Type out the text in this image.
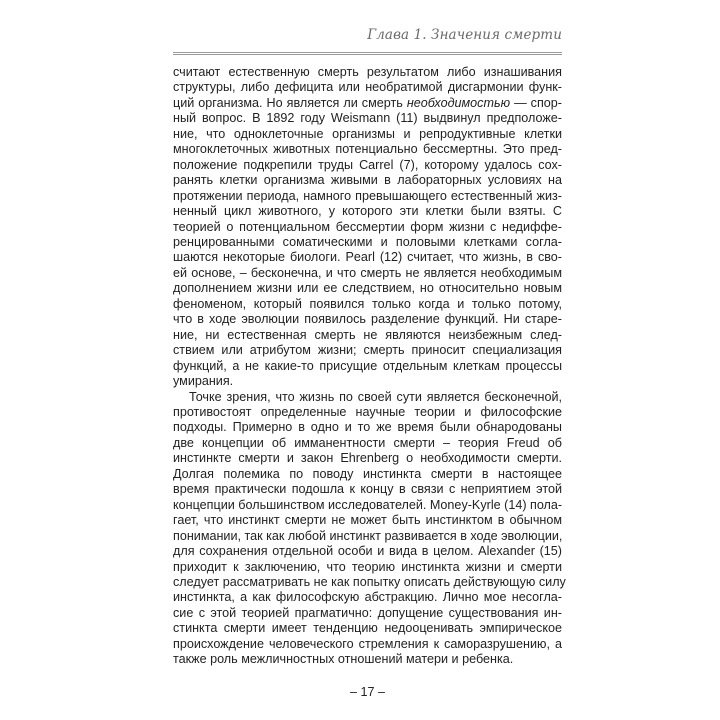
Глава 1. Значения смерти

считают естественную смерть результатом либо изнашивания
структуры, либо дефицита или необратимой дисгармонии функ-
ций организма. Но является ли смерть необходимостью — спор-
ный вопрос. В 1892 году Weismann (11) выдвинул предположе-
ние, что одноклеточные организмы и репродуктивные клетки
многоклеточных животных потенциально бессмертны. Это пред-
положение подкрепили труды Carrel (7), которому удалось сох-
ранять клетки организма живыми в лабораторных условиях на
протяжении периода, намного превышающего естественный жиз-
ненный цикл животного, у которого эти клетки были взяты. С
теорией о потенциальном бессмертии форм жизни с недиффе-
ренцированными соматическими и половыми клетками согла-
шаются некоторые биологи. Pearl (12) считает, что жизнь, в сво-
ей основе, – бесконечна, и что смерть не является необходимым
дополнением жизни или ее следствием, но относительно новым
феноменом, который появился только когда и только потому,
что в ходе эволюции появилось разделение функций. Ни старе-
ние, ни естественная смерть не являются неизбежным след-
ствием или атрибутом жизни; смерть приносит специализация
функций, а не какие-то присущие отдельным клеткам процессы
умирания.

Точке зрения, что жизнь по своей сути является бесконечной,
противостоят определенные научные теории и философские
подходы. Примерно в одно и то же время были обнародованы
две концепции об имманентности смерти – теория Freud об
инстинкте смерти и закон Ehrenberg о необходимости смерти.
Долгая полемика по поводу инстинкта смерти в настоящее
время практически подошла к концу в связи с неприятием этой
концепции большинством исследователей. Money-Kyrle (14) пола-
гает, что инстинкт смерти не может быть инстинктом в обычном
понимании, так как любой инстинкт развивается в ходе эволюции,
для сохранения отдельной особи и вида в целом. Alexander (15)
приходит к заключению, что теорию инстинкта жизни и смерти
следует рассматривать не как попытку описать действующую силу
инстинкта, а как философскую абстракцию. Лично мое несогла-
сие с этой теорией прагматично: допущение существования ин-
стинкта смерти имеет тенденцию недооценивать эмпирическое
происхождение человеческого стремления к саморазрушению, а
также роль межличностных отношений матери и ребенка.

– 17 –
